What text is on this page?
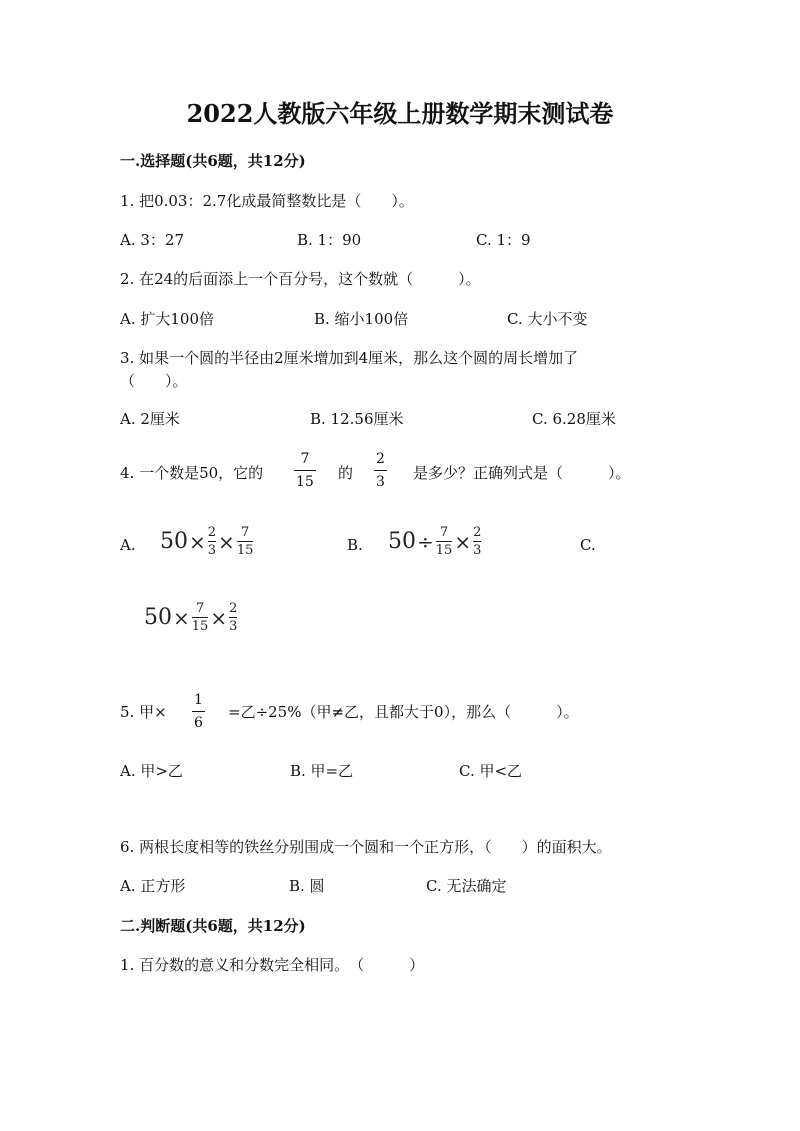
2022人教版六年级上册数学期末测试卷
一.选择题(共6题，共12分)
1. 把0.03：2.7化成最简整数比是（　　）。
A. 3：27	B. 1：90	C. 1：9
2. 在24的后面添上一个百分号，这个数就（　　　）。
A. 扩大100倍	B. 缩小100倍	C. 大小不变
3. 如果一个圆的半径由2厘米增加到4厘米，那么这个圆的周长增加了
（　　）。
A. 2厘米	B. 12.56厘米	C. 6.28厘米
4. 一个数是50，它的
7
15 的
2
3 是多少？正确列式是（　　　）。
A. 50 × 2
3 × 7
15	B. 50 ÷ 7
15 × 2
3	C.
50 × 7
15 × 2
3
5. 甲×
1
6
=乙÷25%（甲≠乙，且都大于0），那么（　　　）。
A. 甲>乙	B. 甲=乙	C. 甲<乙
6. 两根长度相等的铁丝分别围成一个圆和一个正方形，（　　）的面积大。
A. 正方形	B. 圆	C. 无法确定
二.判断题(共6题，共12分)
1. 百分数的意义和分数完全相同。　（　　　）
